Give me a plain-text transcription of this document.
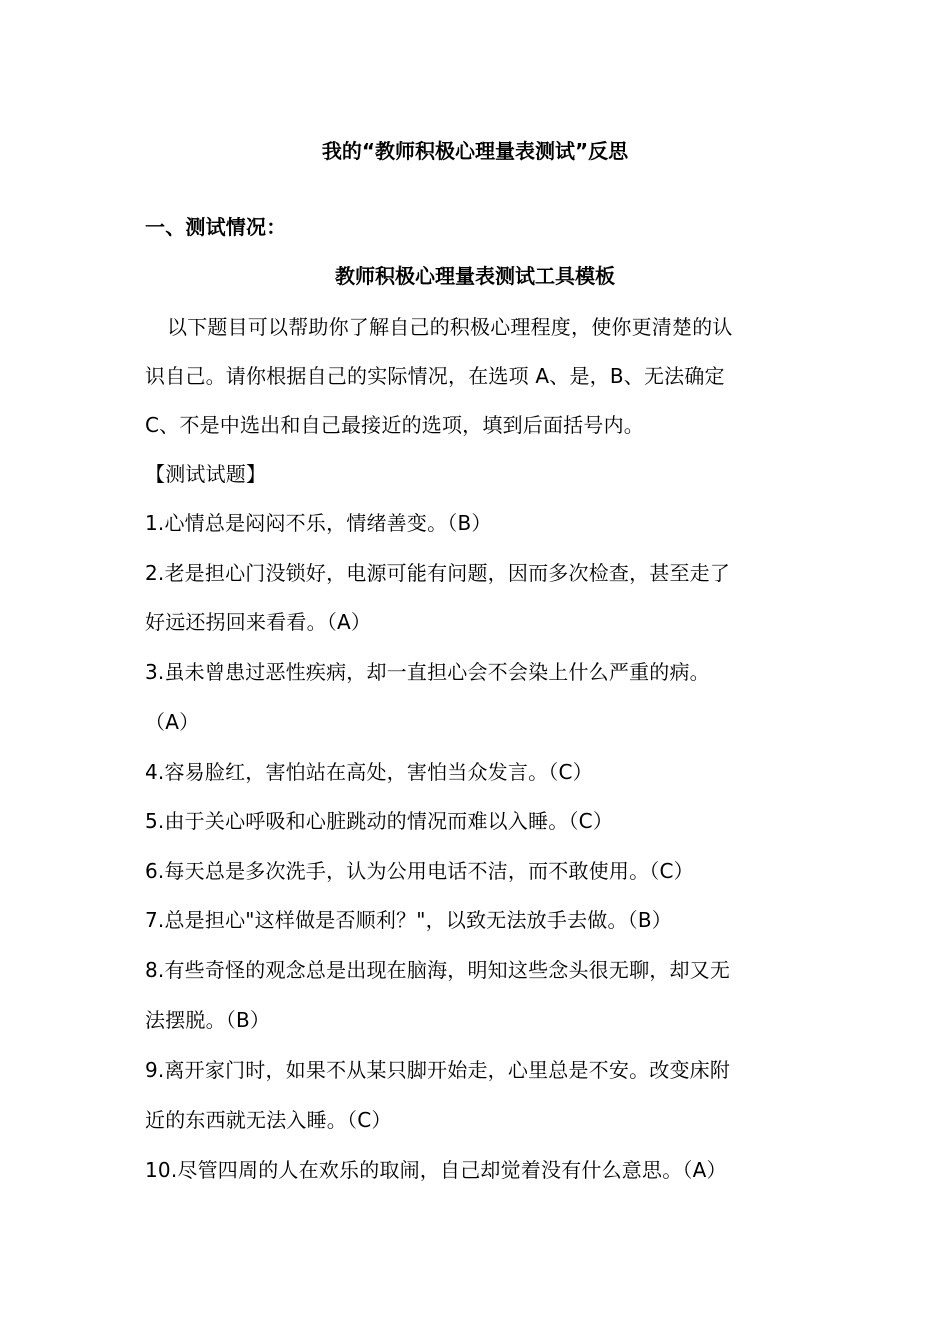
我的“教师积极心理量表测试”反思
一、测试情况：
教师积极心理量表测试工具模板
以下题目可以帮助你了解自己的积极心理程度，使你更清楚的认
识自己。请你根据自己的实际情况，在选项 A、是，B、无法确定
C、不是中选出和自己最接近的选项，填到后面括号内。
【测试试题】
1.心情总是闷闷不乐，情绪善变。（B）
2.老是担心门没锁好，电源可能有问题，因而多次检查，甚至走了
好远还拐回来看看。（A）
3.虽未曾患过恶性疾病，却一直担心会不会染上什么严重的病。
（A）
4.容易脸红，害怕站在高处，害怕当众发言。（C）
5.由于关心呼吸和心脏跳动的情况而难以入睡。（C）
6.每天总是多次洗手，认为公用电话不洁，而不敢使用。（C）
7.总是担心"这样做是否顺利？"，以致无法放手去做。（B）
8.有些奇怪的观念总是出现在脑海，明知这些念头很无聊，却又无
法摆脱。（B）
9.离开家门时，如果不从某只脚开始走，心里总是不安。改变床附
近的东西就无法入睡。（C）
10.尽管四周的人在欢乐的取闹，自己却觉着没有什么意思。（A）
